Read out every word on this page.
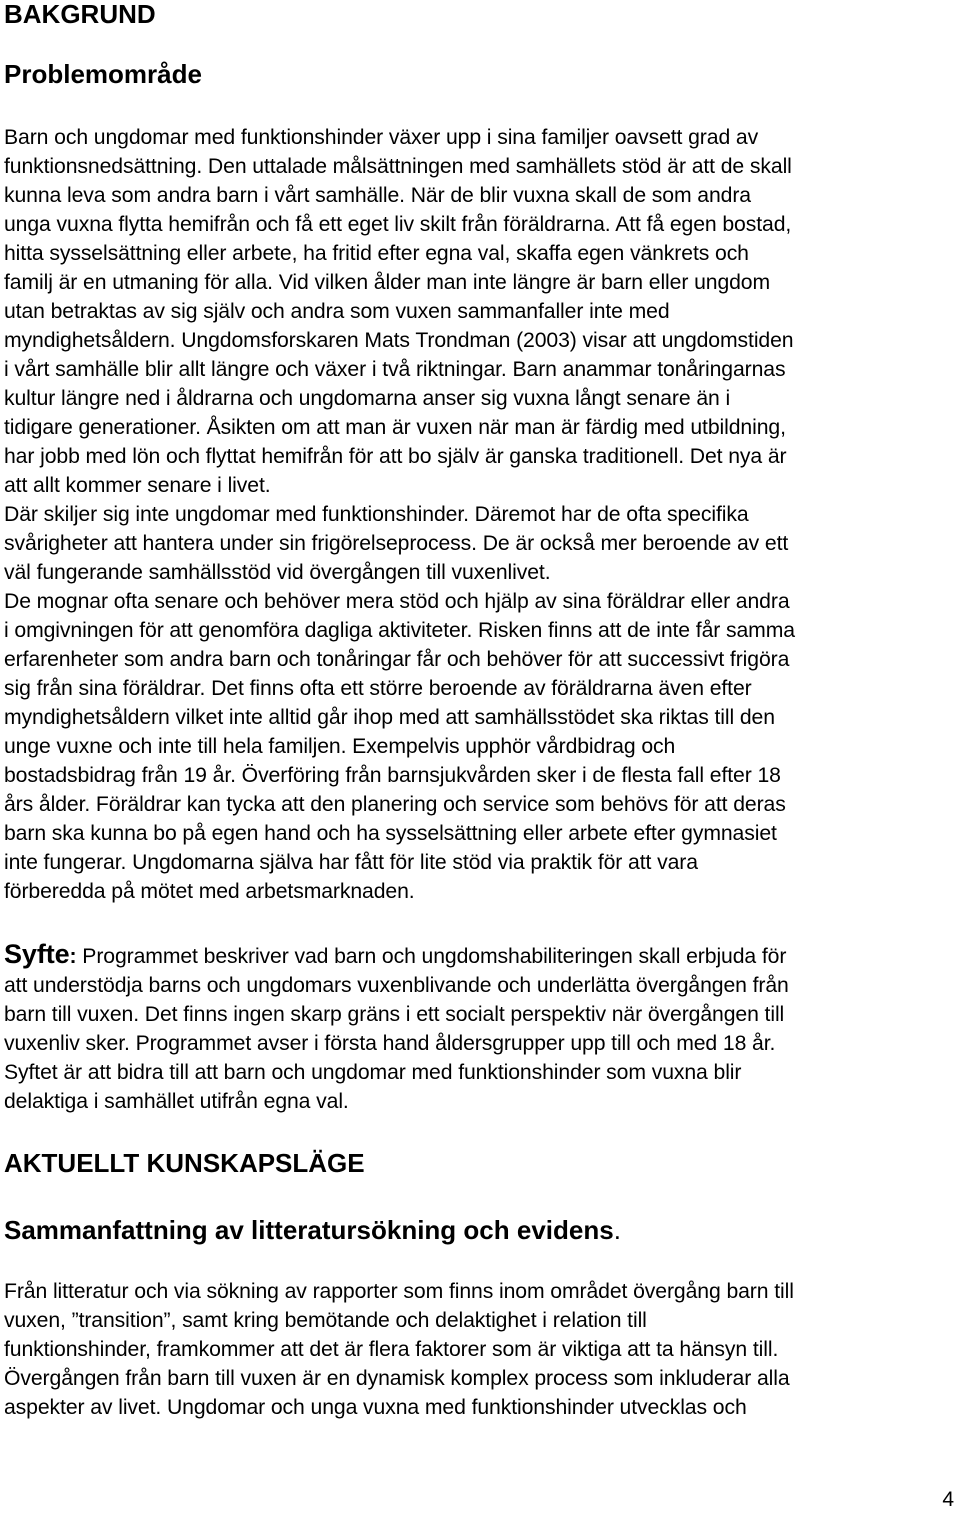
BAKGRUND
Problemområde

Barn och ungdomar med funktionshinder växer upp i sina familjer oavsett grad av
funktionsnedsättning. Den uttalade målsättningen med samhällets stöd är att de skall
kunna leva som andra barn i vårt samhälle. När de blir vuxna skall de som andra
unga vuxna flytta hemifrån och få ett eget liv skilt från föräldrarna. Att få egen bostad,
hitta sysselsättning eller arbete, ha fritid efter egna val, skaffa egen vänkrets och
familj är en utmaning för alla. Vid vilken ålder man inte längre är barn eller ungdom
utan betraktas av sig själv och andra som vuxen sammanfaller inte med
myndighetsåldern. Ungdomsforskaren Mats Trondman (2003) visar att ungdomstiden
i vårt samhälle blir allt längre och växer i två riktningar. Barn anammar tonåringarnas
kultur längre ned i åldrarna och ungdomarna anser sig vuxna långt senare än i
tidigare generationer. Åsikten om att man är vuxen när man är färdig med utbildning,
har jobb med lön och flyttat hemifrån för att bo själv är ganska traditionell. Det nya är
att allt kommer senare i livet.
Där skiljer sig inte ungdomar med funktionshinder. Däremot har de ofta specifika
svårigheter att hantera under sin frigörelseprocess. De är också mer beroende av ett
väl fungerande samhällsstöd vid övergången till vuxenlivet.
De mognar ofta senare och behöver mera stöd och hjälp av sina föräldrar eller andra
i omgivningen för att genomföra dagliga aktiviteter. Risken finns att de inte får samma
erfarenheter som andra barn och tonåringar får och behöver för att successivt frigöra
sig från sina föräldrar. Det finns ofta ett större beroende av föräldrarna även efter
myndighetsåldern vilket inte alltid går ihop med att samhällsstödet ska riktas till den
unge vuxne och inte till hela familjen. Exempelvis upphör vårdbidrag och
bostadsbidrag från 19 år. Överföring från barnsjukvården sker i de flesta fall efter 18
års ålder. Föräldrar kan tycka att den planering och service som behövs för att deras
barn ska kunna bo på egen hand och ha sysselsättning eller arbete efter gymnasiet
inte fungerar. Ungdomarna själva har fått för lite stöd via praktik för att vara
förberedda på mötet med arbetsmarknaden.

Syfte: Programmet beskriver vad barn och ungdomshabiliteringen skall erbjuda för
att understödja barns och ungdomars vuxenblivande och underlätta övergången från
barn till vuxen. Det finns ingen skarp gräns i ett socialt perspektiv när övergången till
vuxenliv sker. Programmet avser i första hand åldersgrupper upp till och med 18 år.
Syftet är att bidra till att barn och ungdomar med funktionshinder som vuxna blir
delaktiga i samhället utifrån egna val.

AKTUELLT KUNSKAPSLÄGE
Sammanfattning av litteratursökning och evidens.

Från litteratur och via sökning av rapporter som finns inom området övergång barn till
vuxen, ”transition”, samt kring bemötande och delaktighet i relation till
funktionshinder, framkommer att det är flera faktorer som är viktiga att ta hänsyn till.
Övergången från barn till vuxen är en dynamisk komplex process som inkluderar alla
aspekter av livet. Ungdomar och unga vuxna med funktionshinder utvecklas och

4
